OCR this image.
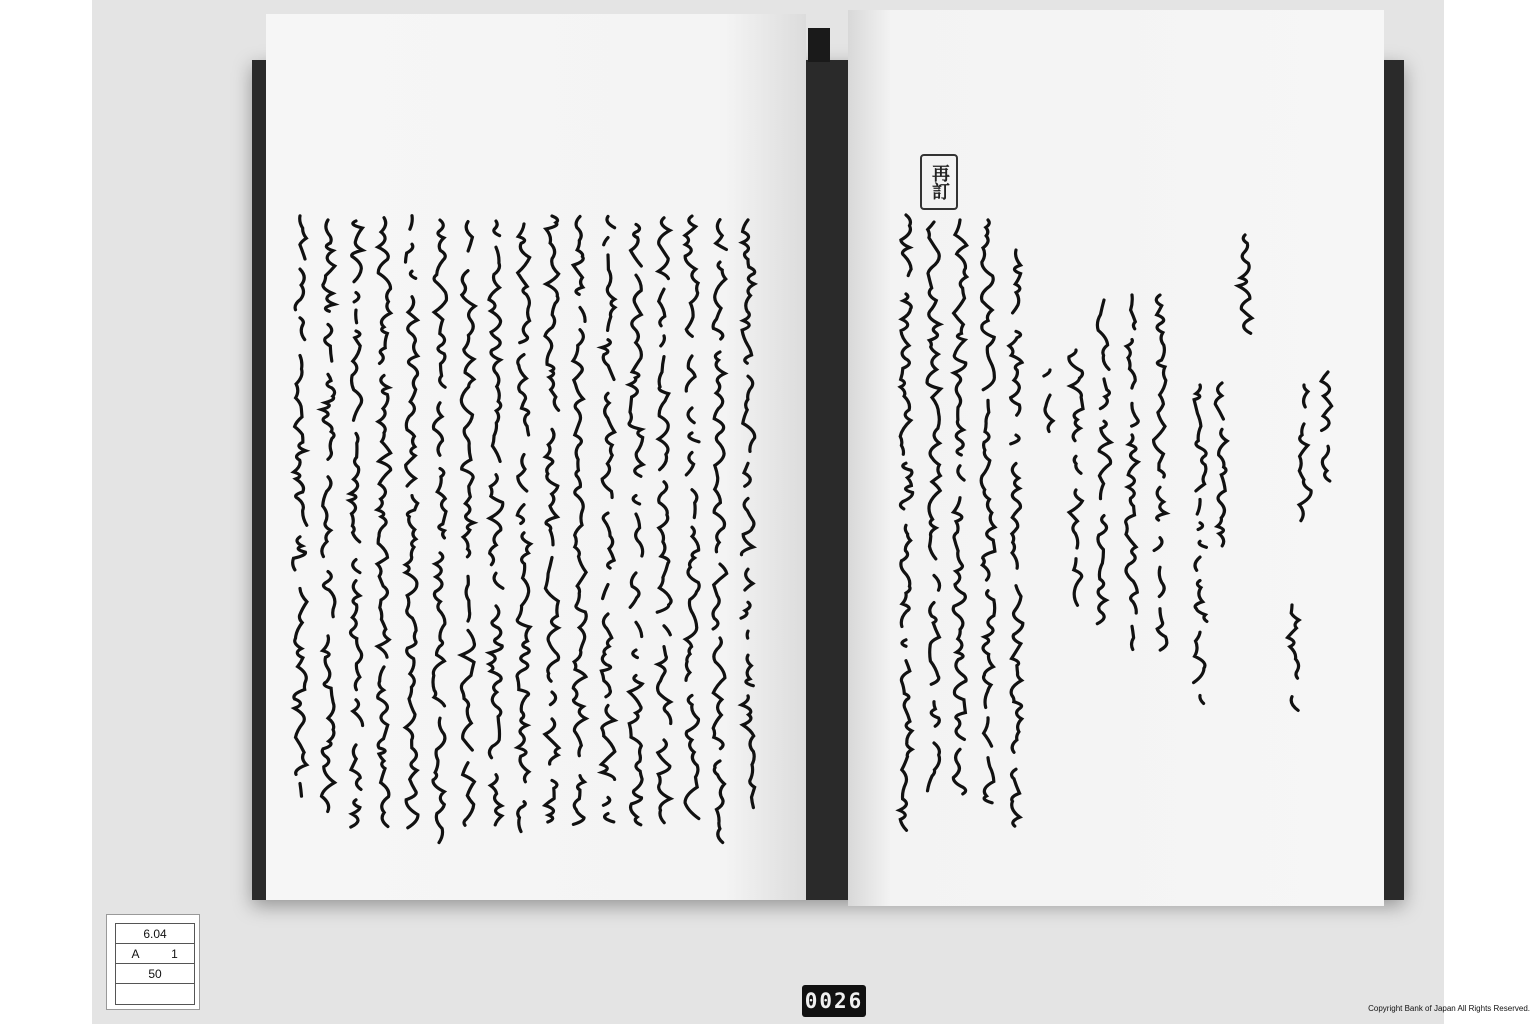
再訂
6.04
A	1
50
0026	Copyright Bank of Japan All Rights Reserved.
